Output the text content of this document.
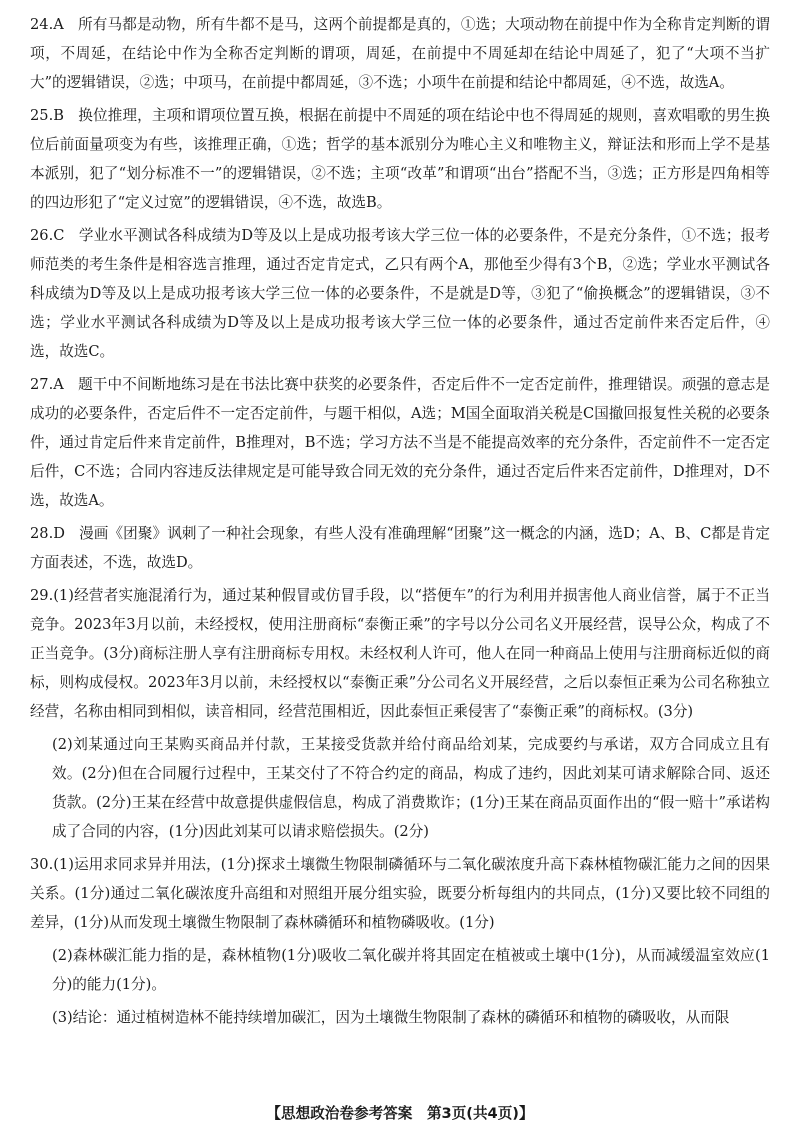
24.A 所有马都是动物，所有牛都不是马，这两个前提都是真的，①选；大项动物在前提中作为全称肯定判断的谓项，不周延，在结论中作为全称否定判断的谓项，周延，在前提中不周延却在结论中周延了，犯了“大项不当扩大”的逻辑错误，②选；中项马，在前提中都周延，③不选；小项牛在前提和结论中都周延，④不选，故选A。

25.B 换位推理，主项和谓项位置互换，根据在前提中不周延的项在结论中也不得周延的规则，喜欢唱歌的男生换位后前面量项变为有些，该推理正确，①选；哲学的基本派别分为唯心主义和唯物主义，辩证法和形而上学不是基本派别，犯了“划分标准不一”的逻辑错误，②不选；主项“改革”和谓项“出台”搭配不当，③选；正方形是四角相等的四边形犯了“定义过宽”的逻辑错误，④不选，故选B。

26.C 学业水平测试各科成绩为D等及以上是成功报考该大学三位一体的必要条件，不是充分条件，①不选；报考师范类的考生条件是相容选言推理，通过否定肯定式，乙只有两个A，那他至少得有3个B，②选；学业水平测试各科成绩为D等及以上是成功报考该大学三位一体的必要条件，不是就是D等，③犯了“偷换概念”的逻辑错误，③不选；学业水平测试各科成绩为D等及以上是成功报考该大学三位一体的必要条件，通过否定前件来否定后件，④选，故选C。

27.A 题干中不间断地练习是在书法比赛中获奖的必要条件，否定后件不一定否定前件，推理错误。顽强的意志是成功的必要条件，否定后件不一定否定前件，与题干相似，A选；M国全面取消关税是C国撤回报复性关税的必要条件，通过肯定后件来肯定前件，B推理对，B不选；学习方法不当是不能提高效率的充分条件，否定前件不一定否定后件，C不选；合同内容违反法律规定是可能导致合同无效的充分条件，通过否定后件来否定前件，D推理对，D不选，故选A。

28.D 漫画《团聚》讽刺了一种社会现象，有些人没有准确理解“团聚”这一概念的内涵，选D；A、B、C都是肯定方面表述，不选，故选D。

29.(1)经营者实施混淆行为，通过某种假冒或仿冒手段，以“搭便车”的行为利用并损害他人商业信誉，属于不正当竞争。2023年3月以前，未经授权，使用注册商标“泰衡正乘”的字号以分公司名义开展经营，误导公众，构成了不正当竞争。(3分)商标注册人享有注册商标专用权。未经权利人许可，他人在同一种商品上使用与注册商标近似的商标，则构成侵权。2023年3月以前，未经授权以“泰衡正乘”分公司名义开展经营，之后以泰恒正乘为公司名称独立经营，名称由相同到相似，读音相同，经营范围相近，因此泰恒正乘侵害了“泰衡正乘”的商标权。(3分)

(2)刘某通过向王某购买商品并付款，王某接受货款并给付商品给刘某，完成要约与承诺，双方合同成立且有效。(2分)但在合同履行过程中，王某交付了不符合约定的商品，构成了违约，因此刘某可请求解除合同、返还货款。(2分)王某在经营中故意提供虚假信息，构成了消费欺诈；(1分)王某在商品页面作出的“假一赔十”承诺构成了合同的内容，(1分)因此刘某可以请求赔偿损失。(2分)

30.(1)运用求同求异并用法，(1分)探求土壤微生物限制磷循环与二氧化碳浓度升高下森林植物碳汇能力之间的因果关系。(1分)通过二氧化碳浓度升高组和对照组开展分组实验，既要分析每组内的共同点，(1分)又要比较不同组的差异，(1分)从而发现土壤微生物限制了森林磷循环和植物磷吸收。(1分)

(2)森林碳汇能力指的是，森林植物(1分)吸收二氧化碳并将其固定在植被或土壤中(1分)，从而减缓温室效应(1分)的能力(1分)。

(3)结论：通过植树造林不能持续增加碳汇，因为土壤微生物限制了森林的磷循环和植物的磷吸收，从而限

【思想政治卷参考答案　第3页(共4页)】
